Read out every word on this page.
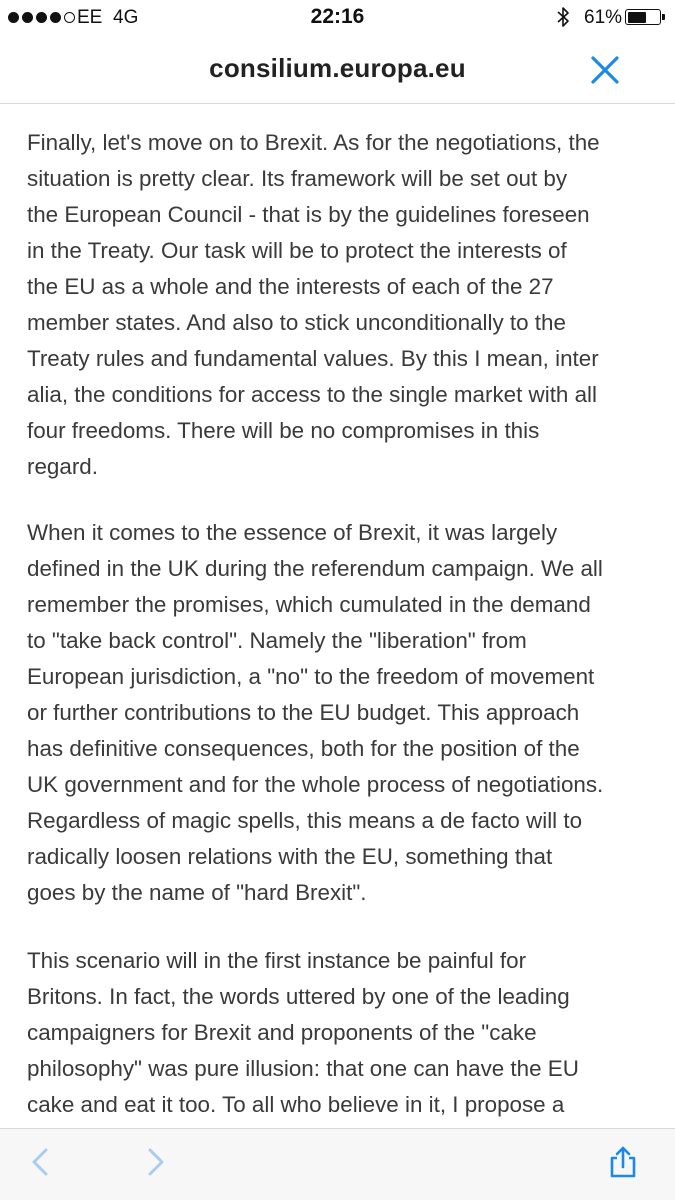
EE 4G	22:16	61%
consilium.europa.eu

Finally, let's move on to Brexit. As for the negotiations, the
situation is pretty clear. Its framework will be set out by
the European Council - that is by the guidelines foreseen
in the Treaty. Our task will be to protect the interests of
the EU as a whole and the interests of each of the 27
member states. And also to stick unconditionally to the
Treaty rules and fundamental values. By this I mean, inter
alia, the conditions for access to the single market with all
four freedoms. There will be no compromises in this
regard.

When it comes to the essence of Brexit, it was largely
defined in the UK during the referendum campaign. We all
remember the promises, which cumulated in the demand
to "take back control". Namely the "liberation" from
European jurisdiction, a "no" to the freedom of movement
or further contributions to the EU budget. This approach
has definitive consequences, both for the position of the
UK government and for the whole process of negotiations.
Regardless of magic spells, this means a de facto will to
radically loosen relations with the EU, something that
goes by the name of "hard Brexit".

This scenario will in the first instance be painful for
Britons. In fact, the words uttered by one of the leading
campaigners for Brexit and proponents of the "cake
philosophy" was pure illusion: that one can have the EU
cake and eat it too. To all who believe in it, I propose a
